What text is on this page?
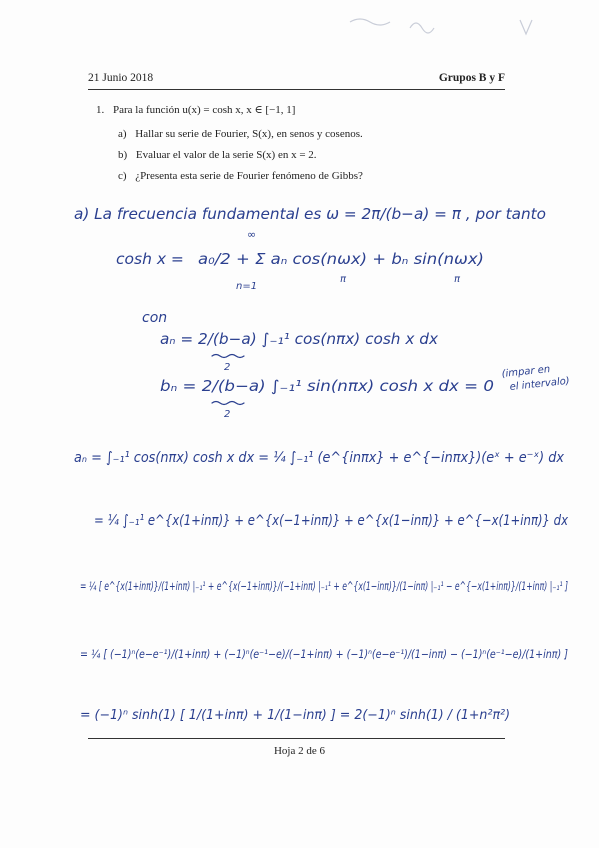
21 Junio 2018	Grupos B y F
1. Para la función u(x) = cosh x, x ∈ [−1, 1]
a) Hallar su serie de Fourier, S(x), en senos y cosenos.
b) Evaluar el valor de la serie S(x) en x = 2.
c) ¿Presenta esta serie de Fourier fenómeno de Gibbs?
a) La frecuencia fundamental es ω = 2π/(b−a) = π , por tanto
cosh x = a₀/2 + Σ aₙ cos(nωx) + bₙ sin(nωx)
∞
n=1
π	π
con
aₙ = 2/(b−a) ∫₋₁¹ cos(nπx) cosh x dx
2
bₙ = 2/(b−a) ∫₋₁¹ sin(nπx) cosh x dx = 0
2
(impar en
el intervalo)
aₙ = ∫₋₁¹ cos(nπx) cosh x dx = ¼ ∫₋₁¹ (e^{inπx} + e^{−inπx})(eˣ + e⁻ˣ) dx
= ¼ ∫₋₁¹ e^{x(1+inπ)} + e^{x(−1+inπ)} + e^{x(1−inπ)} + e^{−x(1+inπ)} dx
= ¼ [ e^{x(1+inπ)}/(1+inπ) |₋₁¹ + e^{x(−1+inπ)}/(−1+inπ) |₋₁¹ + e^{x(1−inπ)}/(1−inπ) |₋₁¹ − e^{−x(1+inπ)}/(1+inπ) |₋₁¹ ]
= ¼ [ (−1)ⁿ(e−e⁻¹)/(1+inπ) + (−1)ⁿ(e⁻¹−e)/(−1+inπ) + (−1)ⁿ(e−e⁻¹)/(1−inπ) − (−1)ⁿ(e⁻¹−e)/(1+inπ) ]
= (−1)ⁿ sinh(1) [ 1/(1+inπ) + 1/(1−inπ) ] = 2(−1)ⁿ sinh(1) / (1+n²π²)
Hoja 2 de 6
